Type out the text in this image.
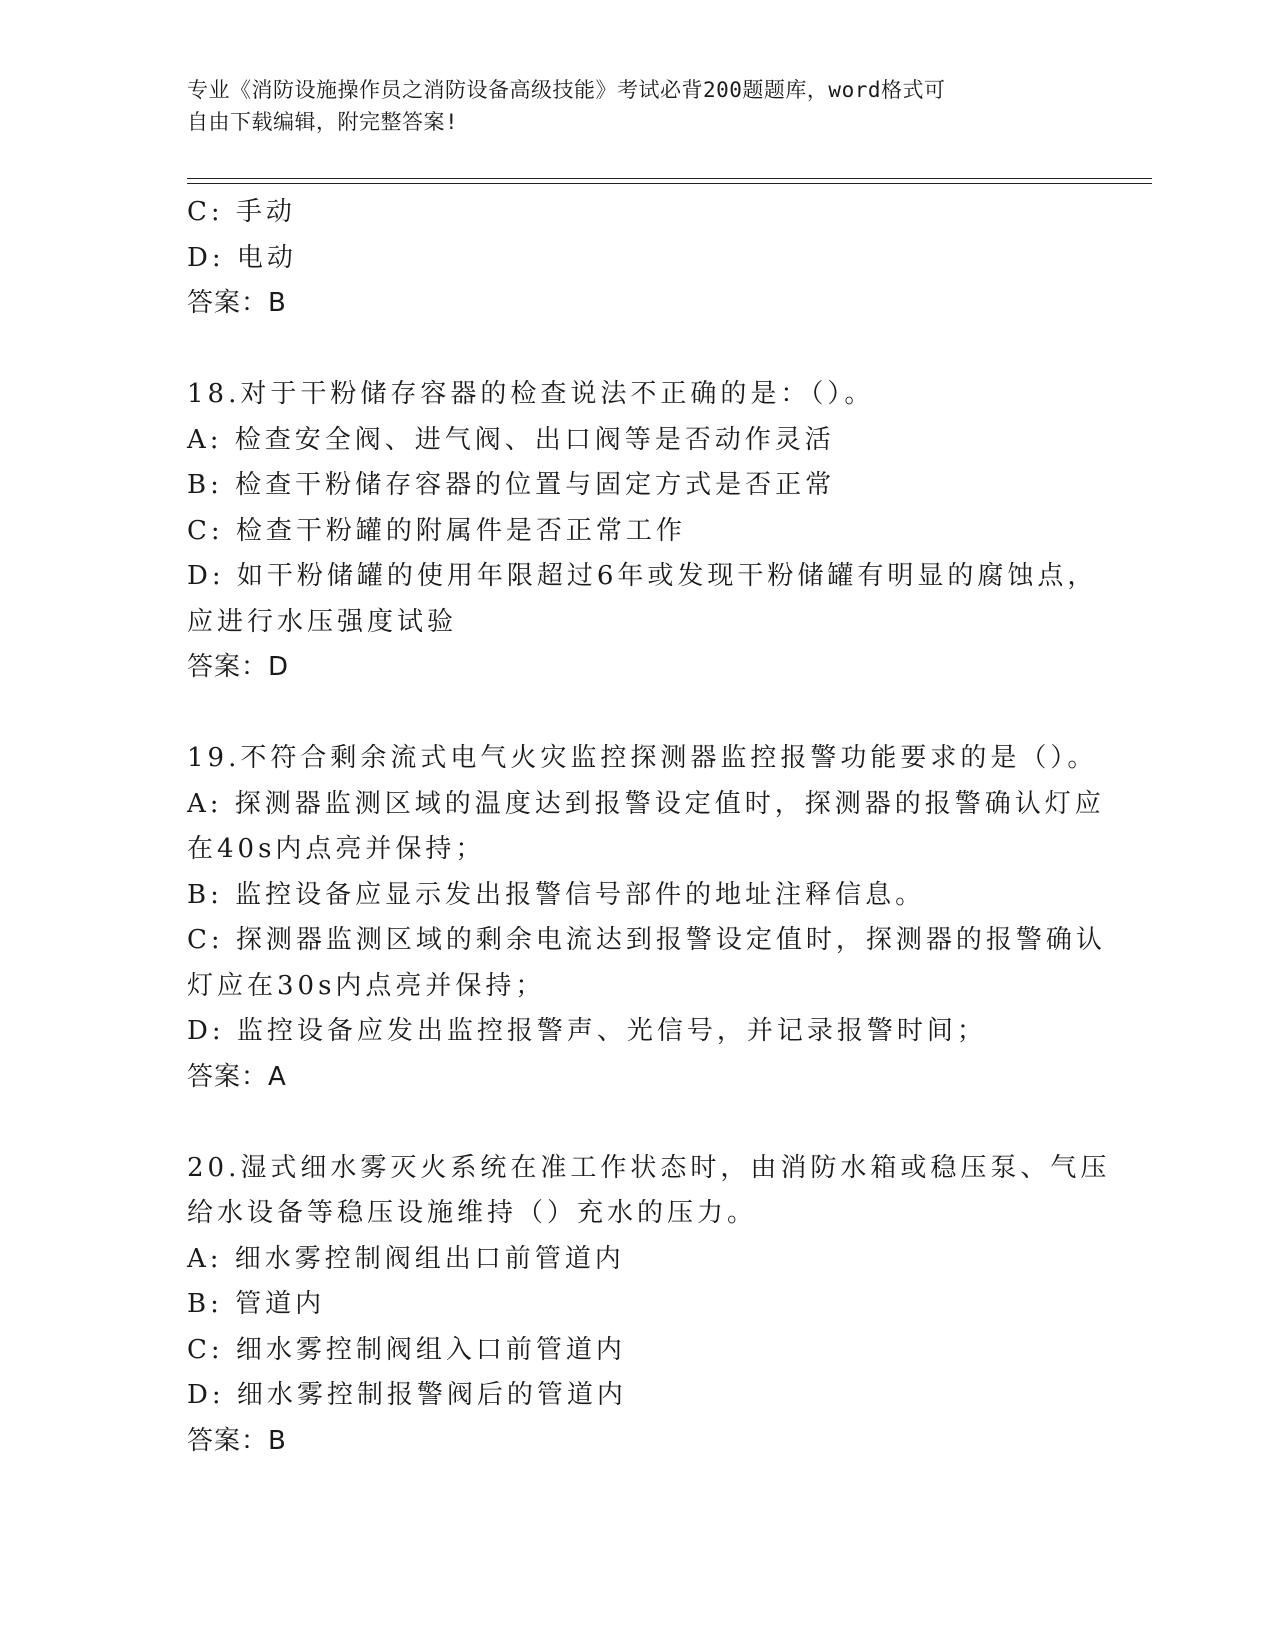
专业《消防设施操作员之消防设备高级技能》考试必背200题题库，word格式可
自由下载编辑，附完整答案!
C: 手动
D: 电动
答案：B
18.对于干粉储存容器的检查说法不正确的是：（）。
A: 检查安全阀、进气阀、出口阀等是否动作灵活
B: 检查干粉储存容器的位置与固定方式是否正常
C: 检查干粉罐的附属件是否正常工作
D: 如干粉储罐的使用年限超过6年或发现干粉储罐有明显的腐蚀点，
应进行水压强度试验
答案：D
19.不符合剩余流式电气火灾监控探测器监控报警功能要求的是（）。
A: 探测器监测区域的温度达到报警设定值时，探测器的报警确认灯应
在40s内点亮并保持；
B: 监控设备应显示发出报警信号部件的地址注释信息。
C: 探测器监测区域的剩余电流达到报警设定值时，探测器的报警确认
灯应在30s内点亮并保持；
D: 监控设备应发出监控报警声、光信号，并记录报警时间；
答案：A
20.湿式细水雾灭火系统在准工作状态时，由消防水箱或稳压泵、气压
给水设备等稳压设施维持（）充水的压力。
A: 细水雾控制阀组出口前管道内
B: 管道内
C: 细水雾控制阀组入口前管道内
D: 细水雾控制报警阀后的管道内
答案：B
